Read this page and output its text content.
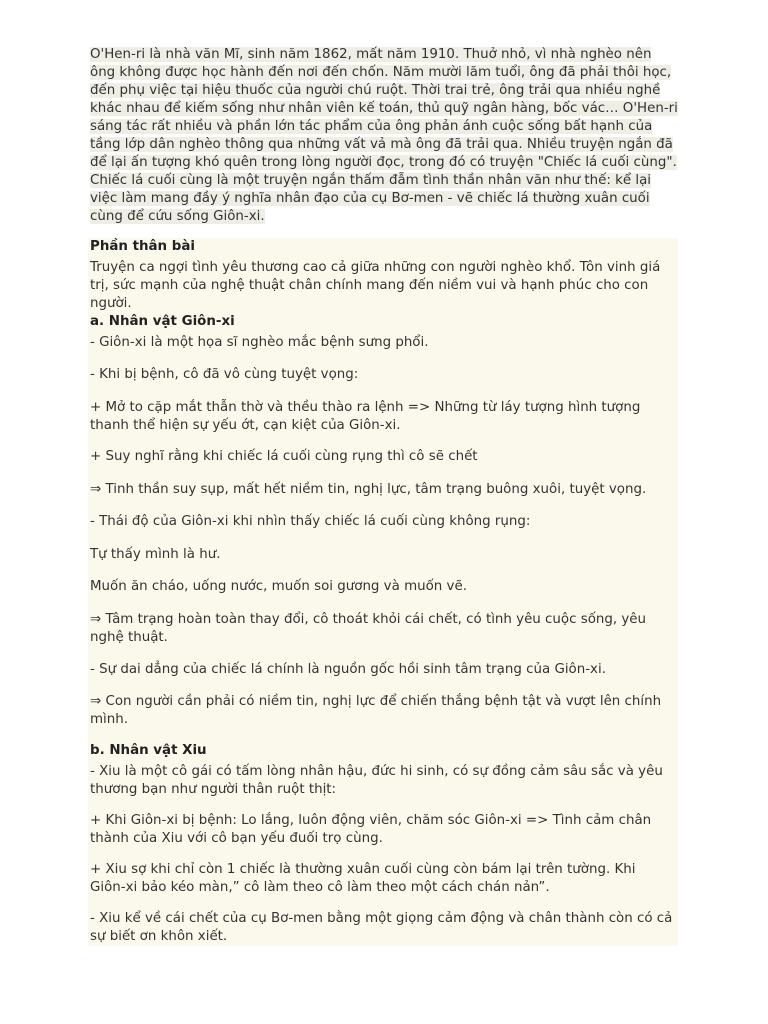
O'Hen-ri là nhà văn Mĩ, sinh năm 1862, mất năm 1910. Thuở nhỏ, vì nhà nghèo nên ông không được học hành đến nơi đến chốn. Năm mười lăm tuổi, ông đã phải thôi học, đến phụ việc tại hiệu thuốc của người chú ruột. Thời trai trẻ, ông trải qua nhiều nghề khác nhau để kiếm sống như nhân viên kế toán, thủ quỹ ngân hàng, bốc vác… O'Hen-ri sáng tác rất nhiều và phần lớn tác phẩm của ông phản ánh cuộc sống bất hạnh của tầng lớp dân nghèo thông qua những vất vả mà ông đã trải qua. Nhiều truyện ngắn đã để lại ấn tượng khó quên trong lòng người đọc, trong đó có truyện "Chiếc lá cuối cùng". Chiếc lá cuối cùng là một truyện ngắn thấm đẫm tình thần nhân văn như thế: kể lại việc làm mang đầy ý nghĩa nhân đạo của cụ Bơ-men - vẽ chiếc lá thường xuân cuối cùng để cứu sống Giôn-xi.

Phần thân bài

Truyện ca ngợi tình yêu thương cao cả giữa những con người nghèo khổ. Tôn vinh giá trị, sức mạnh của nghệ thuật chân chính mang đến niềm vui và hạnh phúc cho con người.

a. Nhân vật Giôn-xi

- Giôn-xi là một họa sĩ nghèo mắc bệnh sưng phổi.

- Khi bị bệnh, cô đã vô cùng tuyệt vọng:

+ Mở to cặp mắt thẫn thờ và thều thào ra lệnh => Những từ láy tượng hình tượng thanh thể hiện sự yếu ớt, cạn kiệt của Giôn-xi.

+ Suy nghĩ rằng khi chiếc lá cuối cùng rụng thì cô sẽ chết

⇒ Tinh thần suy sụp, mất hết niềm tin, nghị lực, tâm trạng buông xuôi, tuyệt vọng.

- Thái độ của Giôn-xi khi nhìn thấy chiếc lá cuối cùng không rụng:

Tự thấy mình là hư.

Muốn ăn cháo, uống nước, muốn soi gương và muốn vẽ.

⇒ Tâm trạng hoàn toàn thay đổi, cô thoát khỏi cái chết, có tình yêu cuộc sống, yêu nghệ thuật.

- Sự dai dẳng của chiếc lá chính là nguồn gốc hồi sinh tâm trạng của Giôn-xi.

⇒ Con người cần phải có niềm tin, nghị lực để chiến thắng bệnh tật và vượt lên chính mình.

b. Nhân vật Xiu

- Xiu là một cô gái có tấm lòng nhân hậu, đức hi sinh, có sự đồng cảm sâu sắc và yêu thương bạn như người thân ruột thịt:

+ Khi Giôn-xi bị bệnh: Lo lắng, luôn động viên, chăm sóc Giôn-xi => Tình cảm chân thành của Xiu với cô bạn yếu đuối trọ cùng.

+ Xiu sợ khi chỉ còn 1 chiếc là thường xuân cuối cùng còn bám lại trên tường. Khi Giôn-xi bảo kéo màn,” cô làm theo cô làm theo một cách chán nản”.

- Xiu kể về cái chết của cụ Bơ-men bằng một giọng cảm động và chân thành còn có cả sự biết ơn khôn xiết.
